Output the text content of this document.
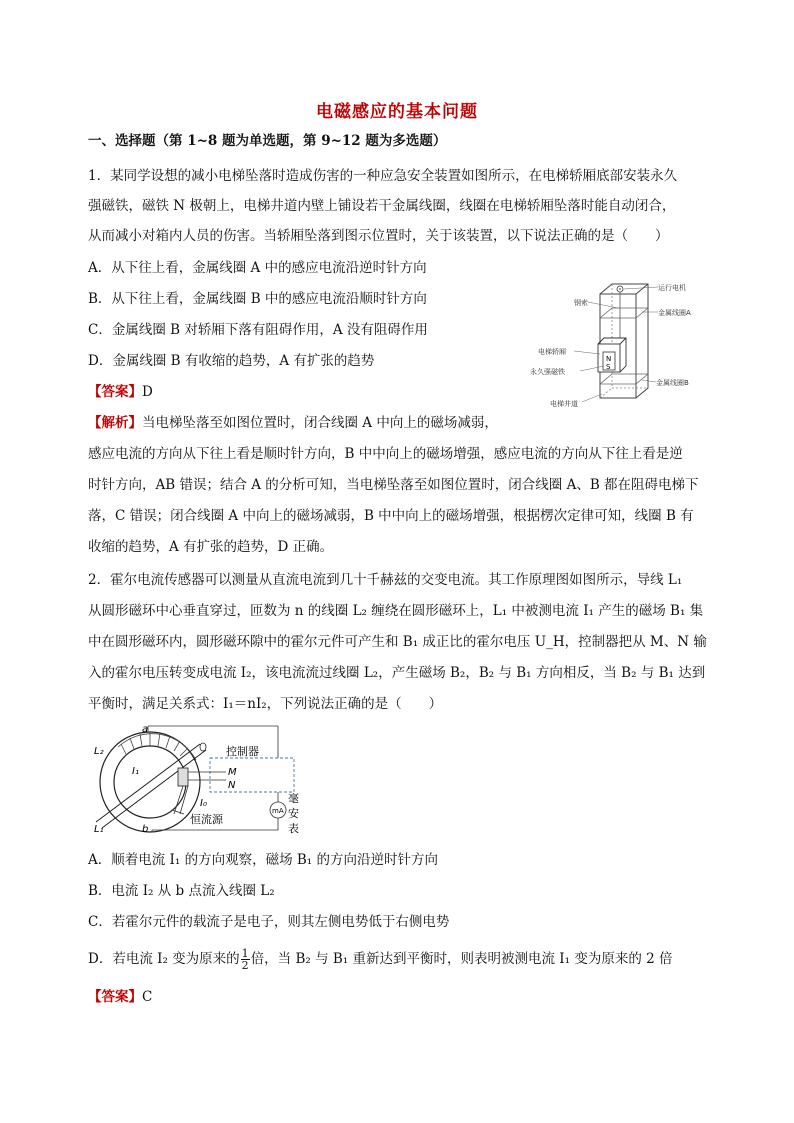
电磁感应的基本问题
一、选择题（第 1~8 题为单选题，第 9~12 题为多选题）
1．某同学设想的减小电梯坠落时造成伤害的一种应急安全装置如图所示，在电梯轿厢底部安装永久
强磁铁，磁铁 N 极朝上，电梯井道内壁上铺设若干金属线圈，线圈在电梯轿厢坠落时能自动闭合，
从而减小对箱内人员的伤害。当轿厢坠落到图示位置时，关于该装置，以下说法正确的是（　　）
A．从下往上看，金属线圈 A 中的感应电流沿逆时针方向
B．从下往上看，金属线圈 B 中的感应电流沿顺时针方向
C．金属线圈 B 对轿厢下落有阻碍作用，A 没有阻碍作用
D．金属线圈 B 有收缩的趋势，A 有扩张的趋势
【答案】D
【解析】当电梯坠落至如图位置时，闭合线圈 A 中向上的磁场减弱，
感应电流的方向从下往上看是顺时针方向，B 中中向上的磁场增强，感应电流的方向从下往上看是逆
时针方向，AB 错误；结合 A 的分析可知，当电梯坠落至如图位置时，闭合线圈 A、B 都在阻碍电梯下
落，C 错误；闭合线圈 A 中向上的磁场减弱，B 中中向上的磁场增强，根据楞次定律可知，线圈 B 有
收缩的趋势，A 有扩张的趋势，D 正确。
N
S
运行电机
钢索
金属线圈A
电梯轿厢
永久强磁铁
金属线圈B
电梯井道
2．霍尔电流传感器可以测量从直流电流到几十千赫兹的交变电流。其工作原理图如图所示，导线 L₁
从圆形磁环中心垂直穿过，匝数为 n 的线圈 L₂ 缠绕在圆形磁环上，L₁ 中被测电流 I₁ 产生的磁场 B₁ 集
中在圆形磁环内，圆形磁环隙中的霍尔元件可产生和 B₁ 成正比的霍尔电压 U_H，控制器把从 M、N 输
入的霍尔电压转变成电流 I₂，该电流流过线圈 L₂，产生磁场 B₂，B₂ 与 B₁ 方向相反，当 B₂ 与 B₁ 达到
平衡时，满足关系式：I₁＝nI₂，下列说法正确的是（　　）
mA
a
L₂
I₁
L₁	b
控制器
M
N
I₀
恒流源
毫
安
表
A．顺着电流 I₁ 的方向观察，磁场 B₁ 的方向沿逆时针方向
B．电流 I₂ 从 b 点流入线圈 L₂
C．若霍尔元件的载流子是电子，则其左侧电势低于右侧电势
D．若电流 I₂ 变为原来的 $\frac{1}{2}$ 倍，当 B₂ 与 B₁ 重新达到平衡时，则表明被测电流 I₁ 变为原来的 2 倍
【答案】C
